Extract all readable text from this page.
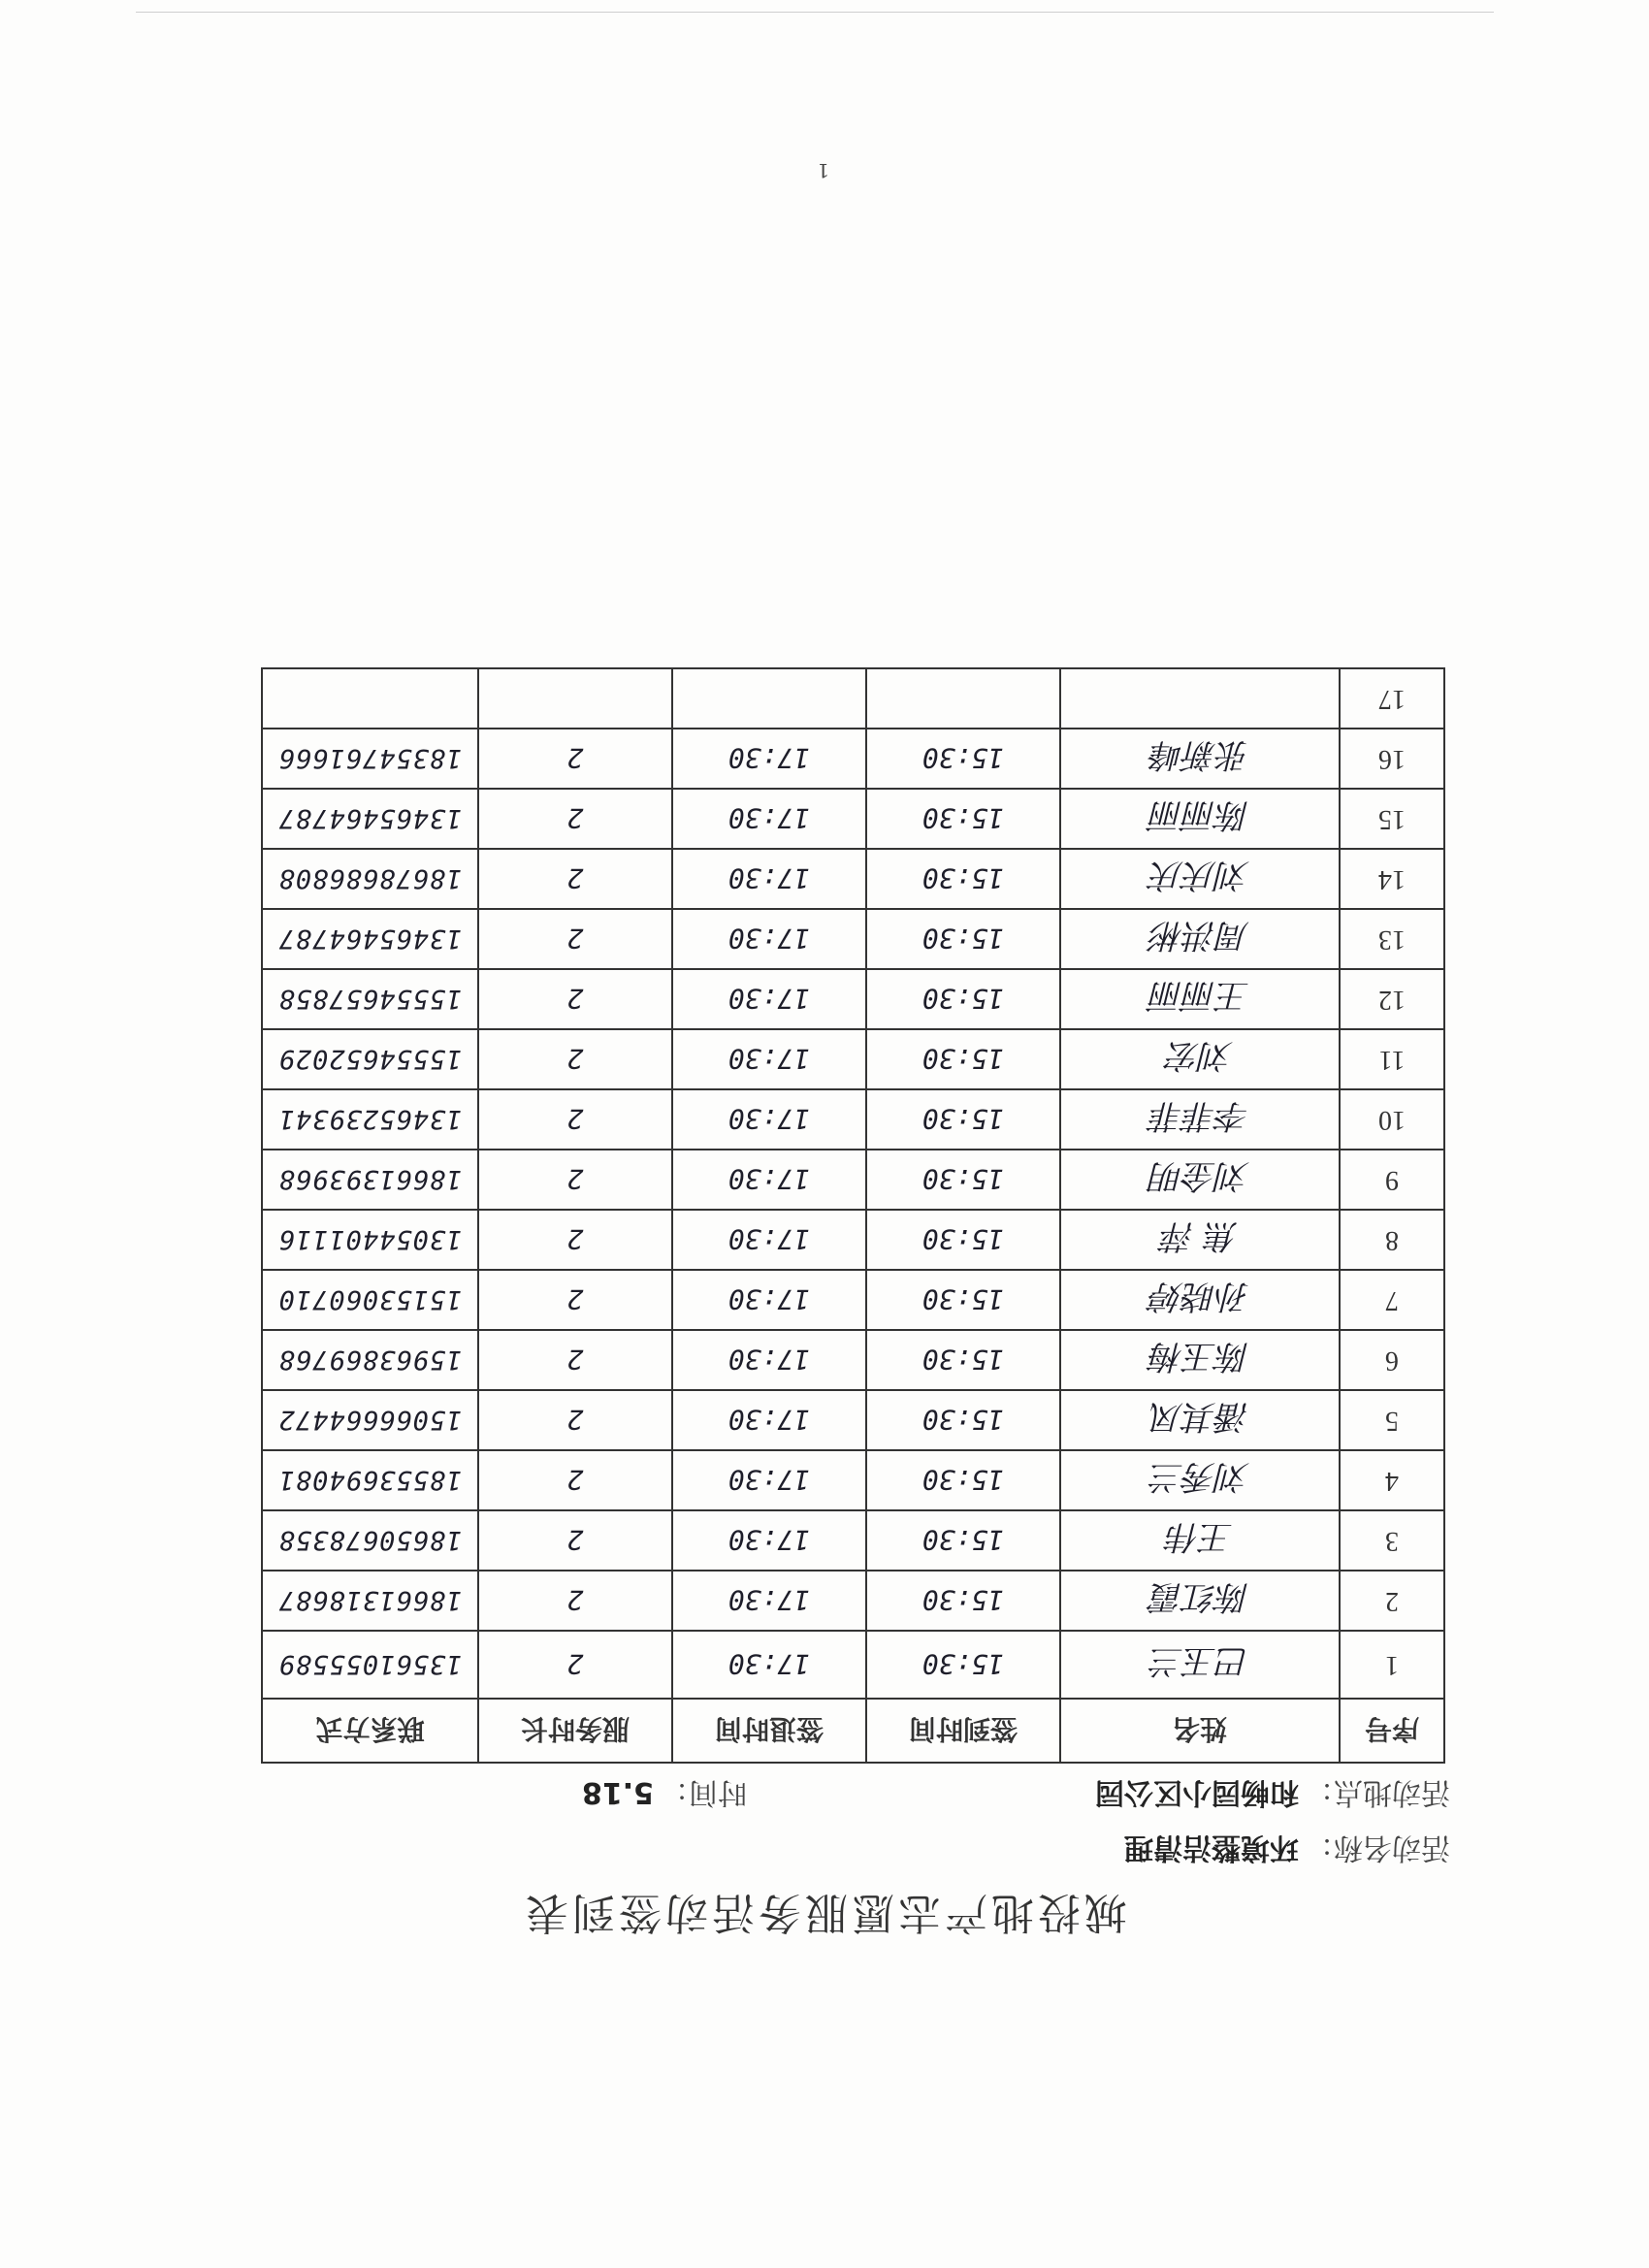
城投地产志愿服务活动签到表
活动名称：环境整洁清理
活动地点：和畅园小区公园
时间：5.18
序号	姓名	签到时间	签退时间	服务时长	联系方式
1	巴玉兰	15:30	17:30	2	13561055589
2	陈红霞	15:30	17:30	2	18661318687
3	王伟	15:30	17:30	2	18650678358
4	刘秀兰	15:30	17:30	2	18553694081
5	潘其凤	15:30	17:30	2	15066664472
6	陈玉梅	15:30	17:30	2	15963869768
7	孙晓婷	15:30	17:30	2	15153060710
8	焦 萍	15:30	17:30	2	13054401116
9	刘金明	15:30	17:30	2	18661393968
10	李菲菲	15:30	17:30	2	13465239341
11	刘宏	15:30	17:30	2	15554652029
12	王丽丽	15:30	17:30	2	15554657858
13	周洪彬	15:30	17:30	2	13465464787
14	刘庆庆	15:30	17:30	2	18678686808
15	陈丽丽	15:30	17:30	2	13465464787
16	张新峰	15:30	17:30	2	18354761666
17					
1
